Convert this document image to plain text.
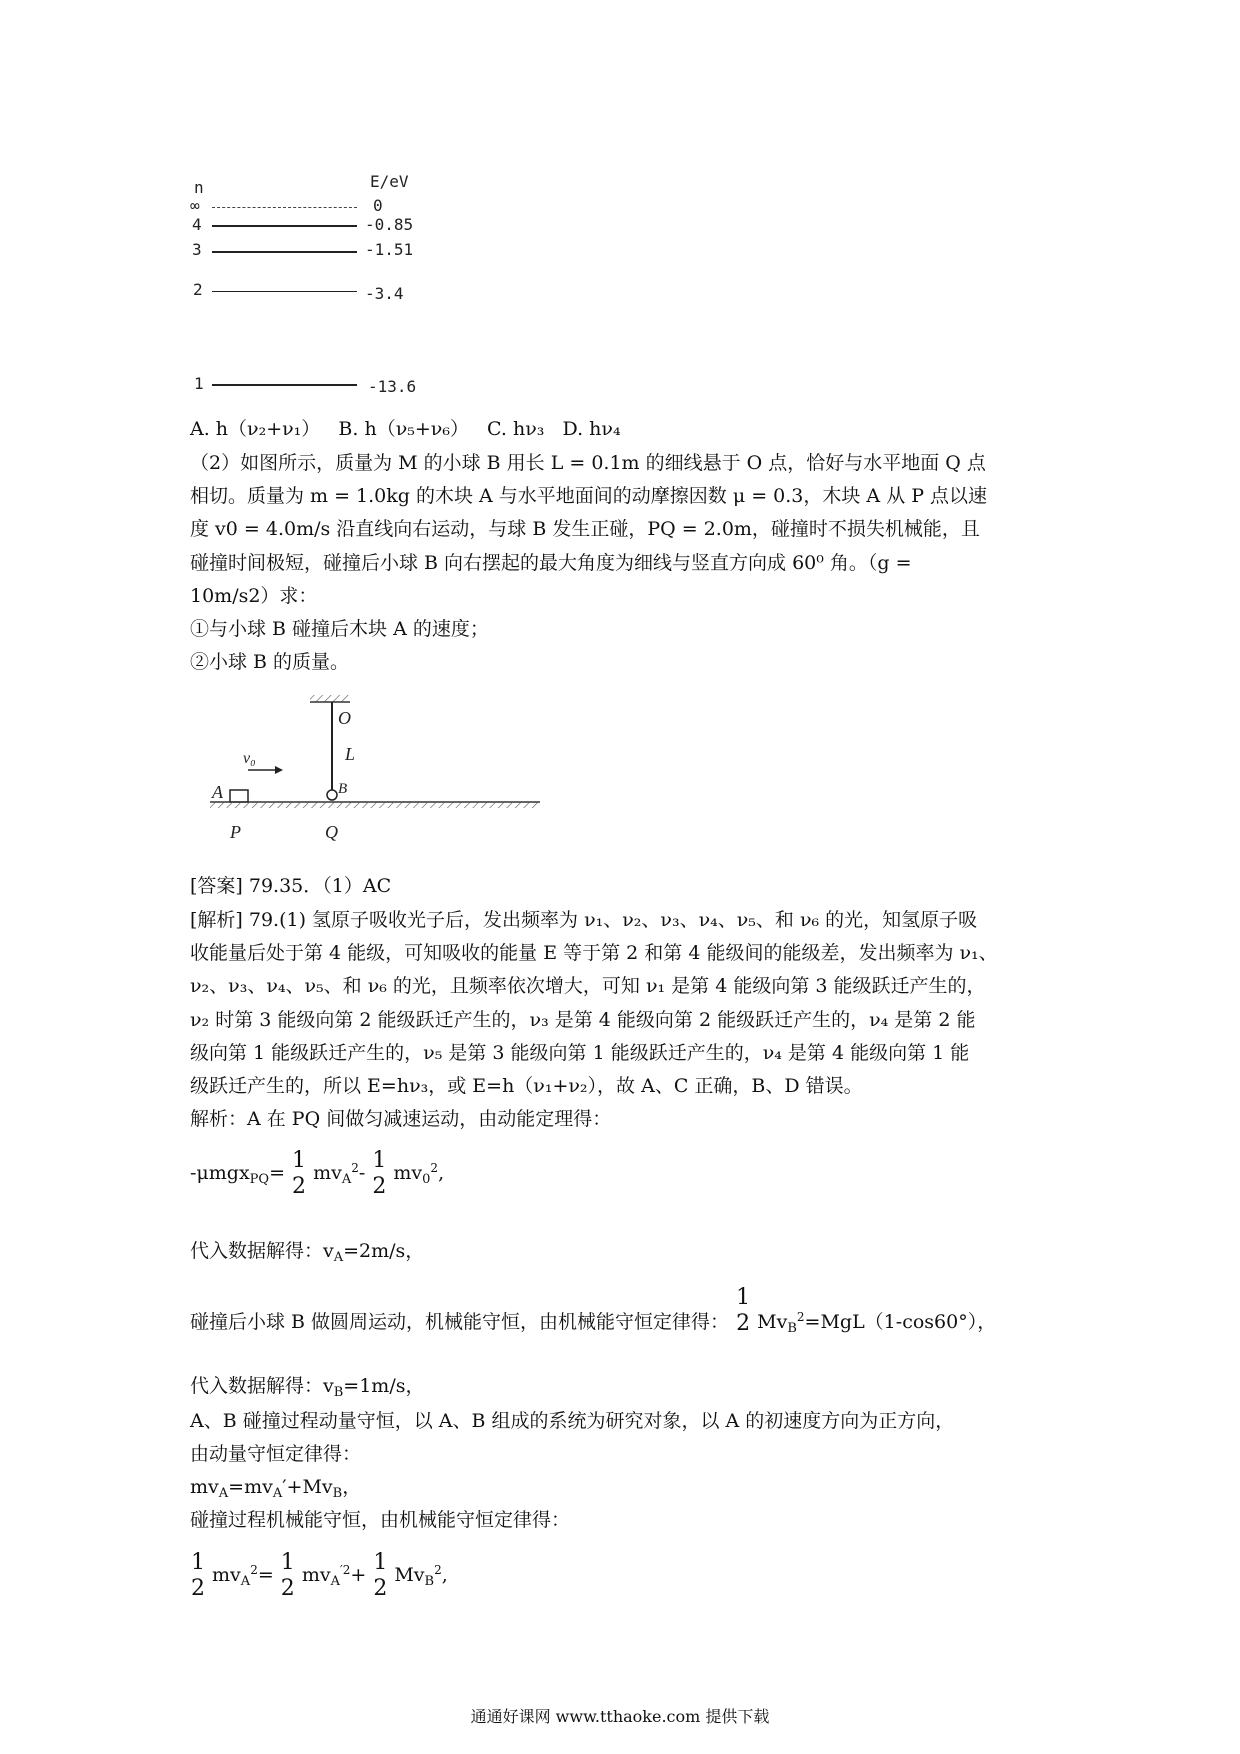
n	E/eV
∞	0
4	-0.85
3	-1.51
2	-3.4
1	-13.6
A. h（ν₂+ν₁）   B. h（ν₅+ν₆）   C. hν₃   D. hν₄
（2）如图所示，质量为 M 的小球 B 用长 L = 0.1m 的细线悬于 O 点，恰好与水平地面 Q 点
相切。质量为 m = 1.0kg 的木块 A 与水平地面间的动摩擦因数 μ = 0.3，木块 A 从 P 点以速
度 v0 = 4.0m/s 沿直线向右运动，与球 B 发生正碰，PQ = 2.0m，碰撞时不损失机械能，且
碰撞时间极短，碰撞后小球 B 向右摆起的最大角度为细线与竖直方向成 60⁰ 角。（g =
10m/s2）求：
①与小球 B 碰撞后木块 A 的速度；
②小球 B 的质量。
O
L
v₀
A	B
P	Q
[答案] 79.35．（1）AC
[解析] 79.(1) 氢原子吸收光子后，发出频率为 ν₁、ν₂、ν₃、ν₄、ν₅、和 ν₆ 的光，知氢原子吸
收能量后处于第 4 能级，可知吸收的能量 E 等于第 2 和第 4 能级间的能级差，发出频率为 ν₁、
ν₂、ν₃、ν₄、ν₅、和 ν₆ 的光，且频率依次增大，可知 ν₁ 是第 4 能级向第 3 能级跃迁产生的，
ν₂ 时第 3 能级向第 2 能级跃迁产生的，ν₃ 是第 4 能级向第 2 能级跃迁产生的，ν₄ 是第 2 能
级向第 1 能级跃迁产生的，ν₅ 是第 3 能级向第 1 能级跃迁产生的，ν₄ 是第 4 能级向第 1 能
级跃迁产生的，所以 E=hν₃，或 E=h（ν₁+ν₂），故 A、C 正确，B、D 错误。
解析：A 在 PQ 间做匀减速运动，由动能定理得：
-μmgx$_{PQ}$= 1
2
$mv_A^2-$ 1
2
$mv_0^2$,
代入数据解得：$v_A=2m/s$，
碰撞后小球 B 做圆周运动，机械能守恒，由机械能守恒定律得：
1
2 $Mv_B^2=MgL(1-\cos 60^\circ)$，
代入数据解得：$v_B=1m/s$，
A、B 碰撞过程动量守恒，以 A、B 组成的系统为研究对象，以 A 的初速度方向为正方向，
由动量守恒定律得：
$mv_A=mv_A'+Mv_B$，
碰撞过程机械能守恒，由机械能守恒定律得：
1
2
$mv_A^2= 1$
2
$mv_A^{'2}+ 1$
2
$Mv_B^2$,
通通好课网 www.tthaoke.com 提供下载
